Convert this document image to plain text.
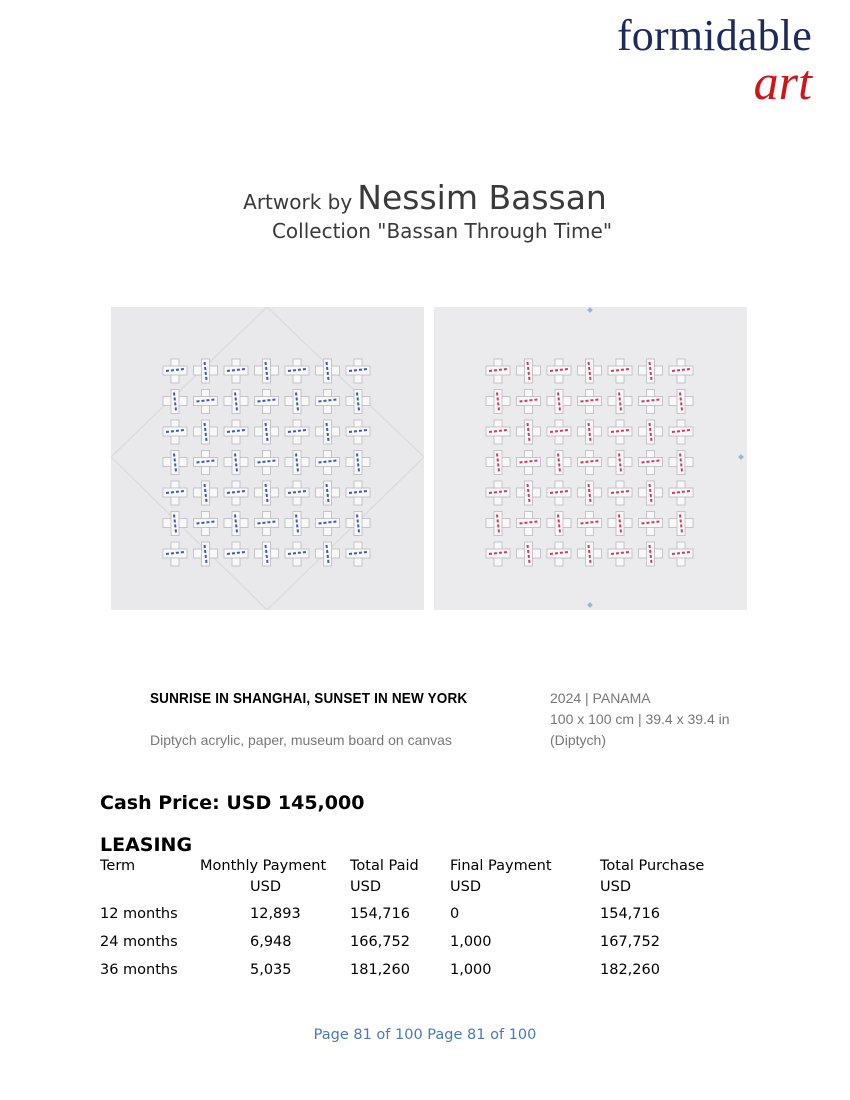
formidable
art
Artwork by Nessim Bassan
Collection "Bassan Through Time"
SUNRISE IN SHANGHAI, SUNSET IN NEW YORK
Diptych acrylic, paper, museum board on canvas
2024 | PANAMA
100 x 100 cm | 39.4 x 39.4 in
(Diptych)
Cash Price: USD 145,000
LEASING
Term	Monthly Payment	Total Paid	Final Payment	Total Purchase
	USD	USD	USD	USD
12 months	12,893	154,716	0	154,716
24 months	6,948	166,752	1,000	167,752
36 months	5,035	181,260	1,000	182,260
Page 81 of 100 Page 81 of 100
